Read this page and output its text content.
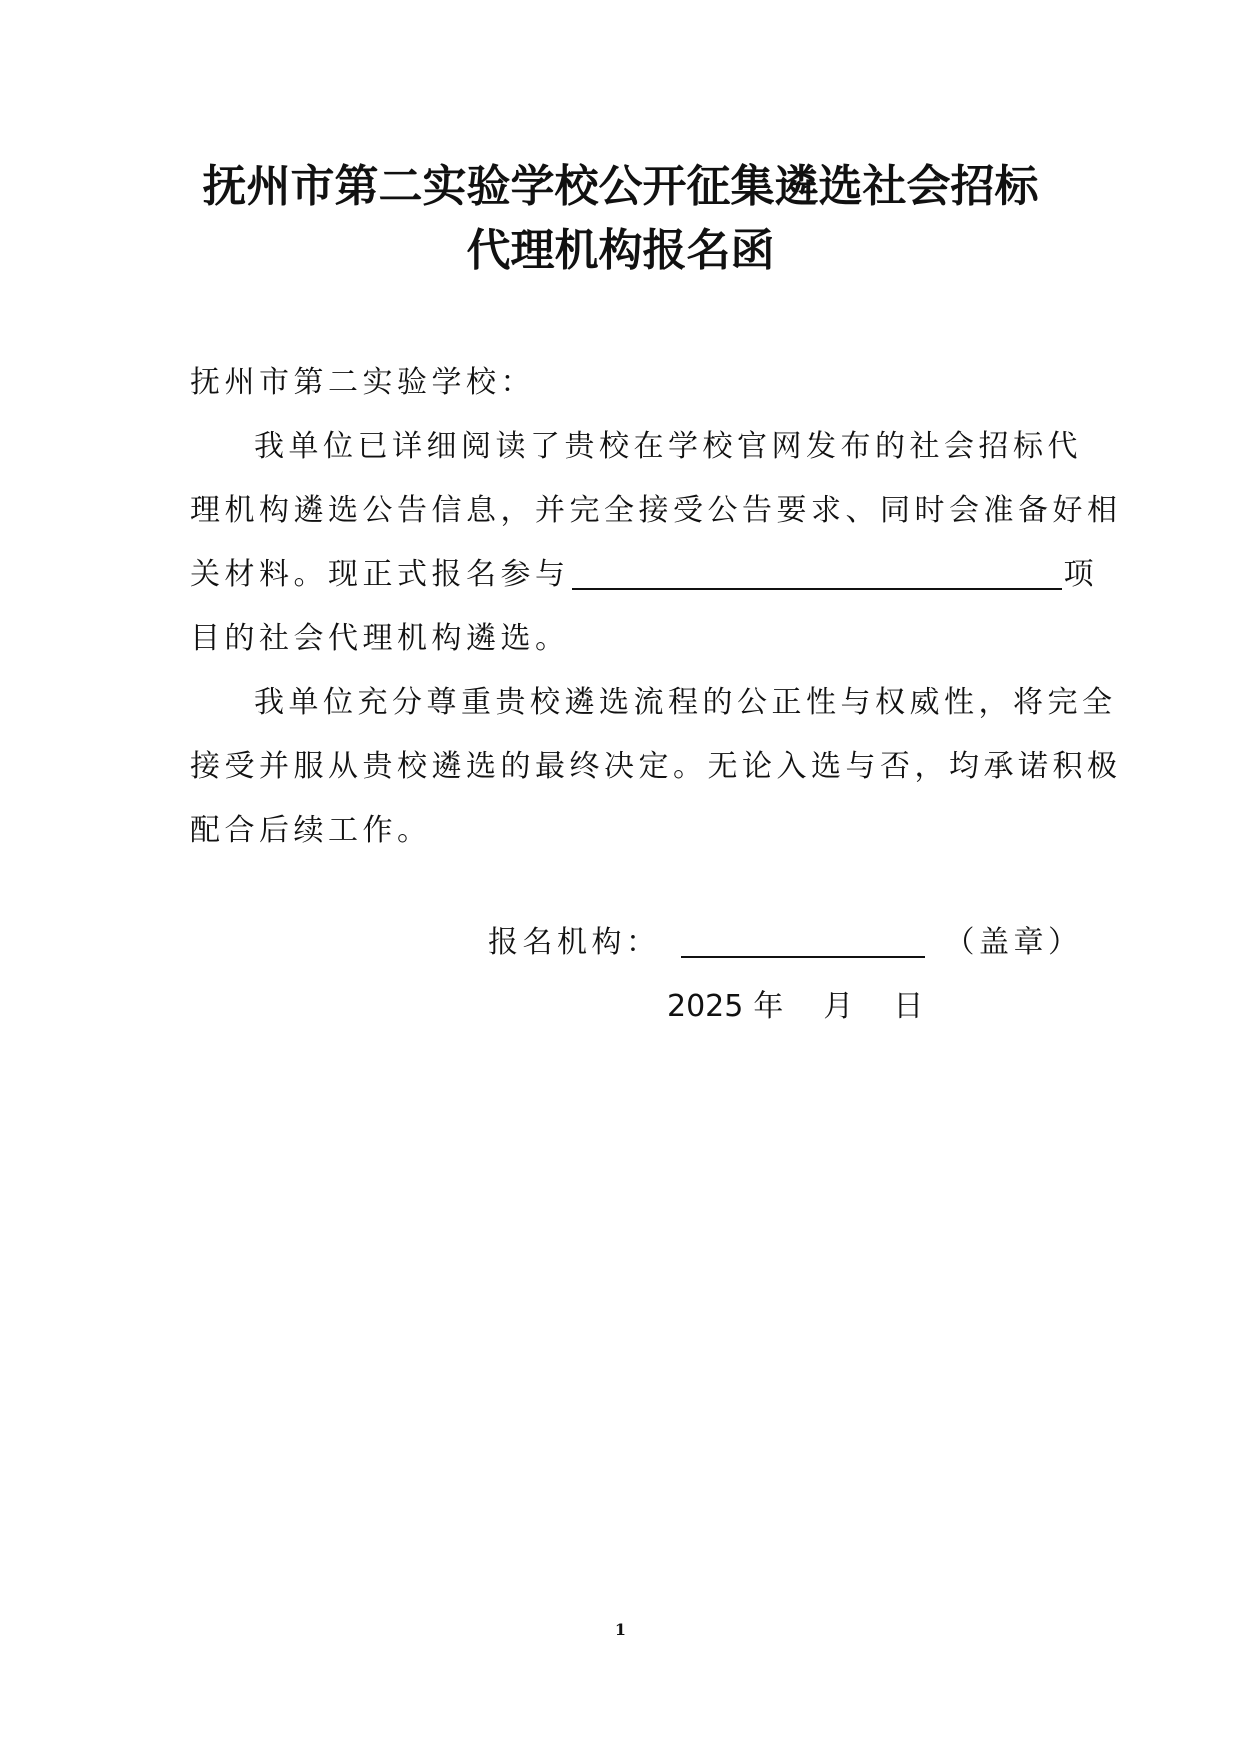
抚州市第二实验学校公开征集遴选社会招标
代理机构报名函
抚州市第二实验学校：
我单位已详细阅读了贵校在学校官网发布的社会招标代
理机构遴选公告信息，并完全接受公告要求、同时会准备好相
关材料。现正式报名参与	项
目的社会代理机构遴选。
我单位充分尊重贵校遴选流程的公正性与权威性，将完全
接受并服从贵校遴选的最终决定。无论入选与否，均承诺积极
配合后续工作。
报名机构：	（盖章）
2025 年 月 日
1
